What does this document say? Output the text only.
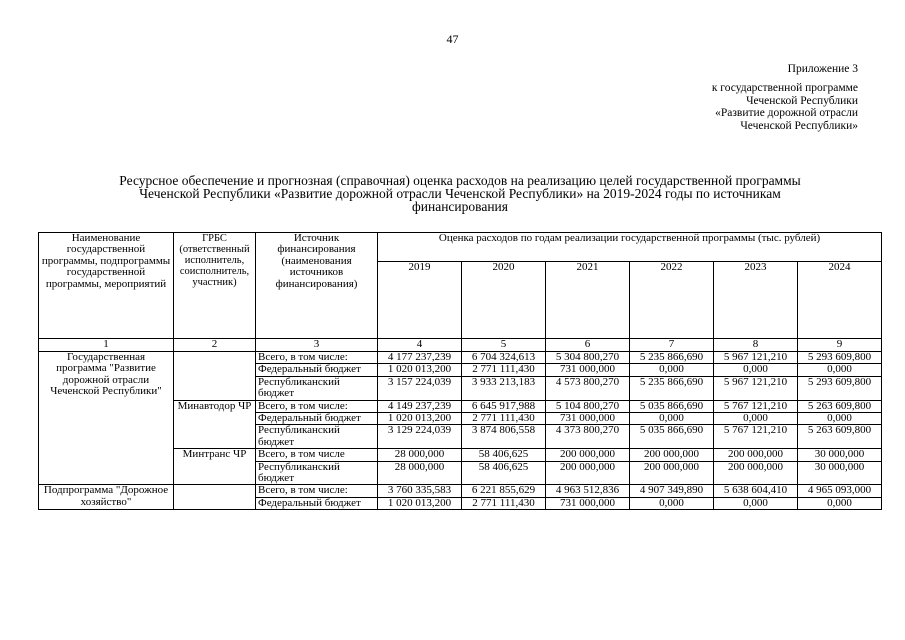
47
Приложение 3
к государственной программе
Чеченской Республики
«Развитие дорожной отрасли
Чеченской Республики»
Ресурсное обеспечение и прогнозная (справочная) оценка расходов на реализацию целей государственной программы Чеченской Республики «Развитие дорожной отрасли Чеченской Республики» на 2019-2024 годы по источникам финансирования
Наименование государственной программы, подпрограммы государственной программы, мероприятий	ГРБС (ответственный исполнитель, соисполнитель, участник)	Источник финансирования (наименования источников финансирования)	Оценка расходов по годам реализации государственной программы (тыс. рублей)					
			2019	2020	2021	2022	2023	2024
1	2	3	4	5	6	7	8	9
Государственная программа "Развитие дорожной отрасли Чеченской Республики"		Всего, в том числе:	4 177 237,239	6 704 324,613	5 304 800,270	5 235 866,690	5 967 121,210	5 293 609,800
		Федеральный бюджет	1 020 013,200	2 771 111,430	731 000,000	0,000	0,000	0,000
		Республиканский бюджет	3 157 224,039	3 933 213,183	4 573 800,270	5 235 866,690	5 967 121,210	5 293 609,800
	Минавтодор ЧР	Всего, в том числе:	4 149 237,239	6 645 917,988	5 104 800,270	5 035 866,690	5 767 121,210	5 263 609,800
		Федеральный бюджет	1 020 013,200	2 771 111,430	731 000,000	0,000	0,000	0,000
		Республиканский бюджет	3 129 224,039	3 874 806,558	4 373 800,270	5 035 866,690	5 767 121,210	5 263 609,800
	Минтранс ЧР	Всего, в том числе	28 000,000	58 406,625	200 000,000	200 000,000	200 000,000	30 000,000
		Республиканский бюджет	28 000,000	58 406,625	200 000,000	200 000,000	200 000,000	30 000,000
Подпрограмма "Дорожное хозяйство"		Всего, в том числе:	3 760 335,583	6 221 855,629	4 963 512,836	4 907 349,890	5 638 604,410	4 965 093,000
		Федеральный бюджет	1 020 013,200	2 771 111,430	731 000,000	0,000	0,000	0,000
